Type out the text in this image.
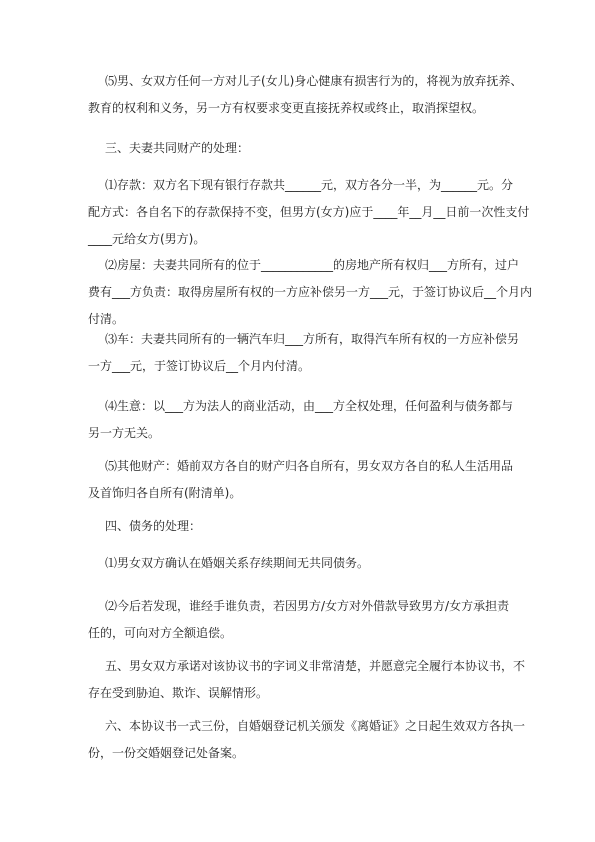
⑸男、女双方任何一方对儿子(女儿)身心健康有损害行为的，将视为放弃抚养、
教育的权利和义务，另一方有权要求变更直接抚养权或终止，取消探望权。
三、夫妻共同财产的处理：
⑴存款：双方名下现有银行存款共______元，双方各分一半，为______元。分
配方式：各自名下的存款保持不变，但男方(女方)应于____年__月__日前一次性支付
____元给女方(男方)。
⑵房屋：夫妻共同所有的位于____________的房地产所有权归___方所有，过户
费有___方负责：取得房屋所有权的一方应补偿另一方___元，于签订协议后__个月内
付清。
⑶车：夫妻共同所有的一辆汽车归___方所有，取得汽车所有权的一方应补偿另
一方___元，于签订协议后__个月内付清。
⑷生意：以___方为法人的商业活动，由___方全权处理，任何盈利与债务都与
另一方无关。
⑸其他财产：婚前双方各自的财产归各自所有，男女双方各自的私人生活用品
及首饰归各自所有(附清单)。
四、债务的处理：
⑴男女双方确认在婚姻关系存续期间无共同债务。
⑵今后若发现，谁经手谁负责，若因男方/女方对外借款导致男方/女方承担责
任的，可向对方全额追偿。
五、男女双方承诺对该协议书的字词义非常清楚，并愿意完全履行本协议书，不
存在受到胁迫、欺诈、误解情形。
六、本协议书一式三份，自婚姻登记机关颁发《离婚证》之日起生效双方各执一
份，一份交婚姻登记处备案。
